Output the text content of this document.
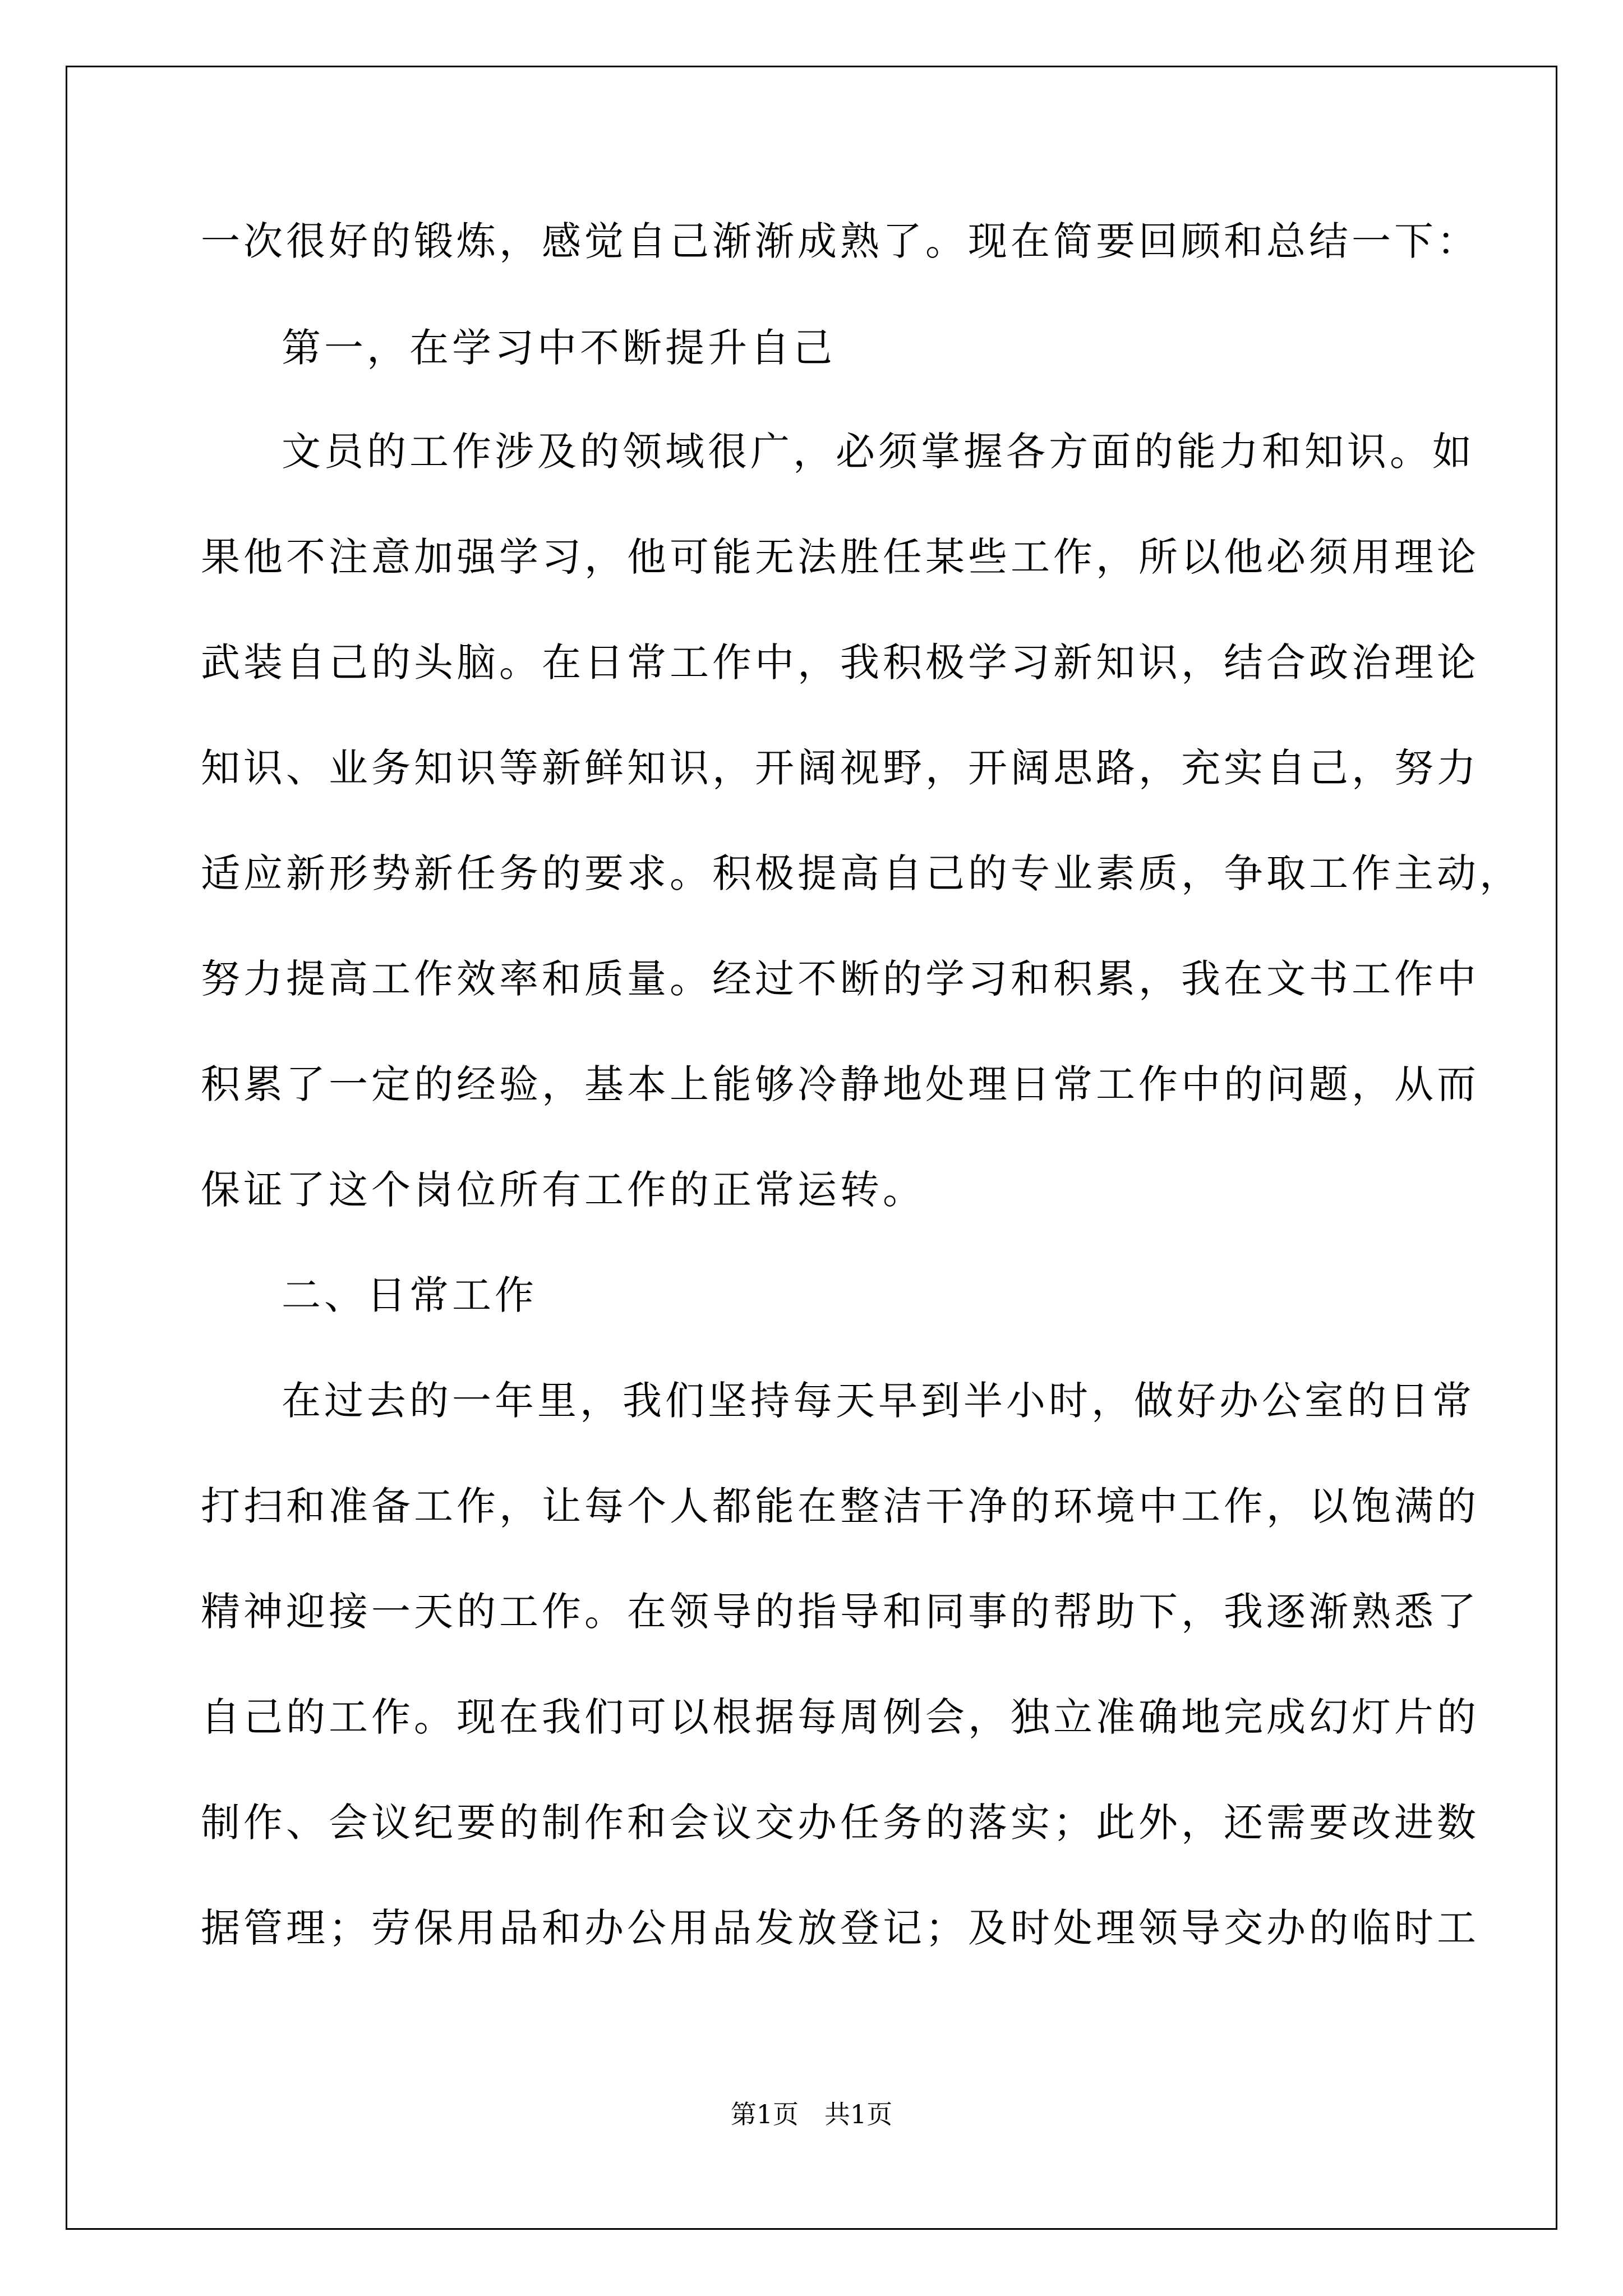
一次很好的锻炼，感觉自己渐渐成熟了。现在简要回顾和总结一下：

第一，在学习中不断提升自己

文员的工作涉及的领域很广，必须掌握各方面的能力和知识。如

果他不注意加强学习，他可能无法胜任某些工作，所以他必须用理论

武装自己的头脑。在日常工作中，我积极学习新知识，结合政治理论

知识、业务知识等新鲜知识，开阔视野，开阔思路，充实自己，努力

适应新形势新任务的要求。积极提高自己的专业素质，争取工作主动，

努力提高工作效率和质量。经过不断的学习和积累，我在文书工作中

积累了一定的经验，基本上能够冷静地处理日常工作中的问题，从而

保证了这个岗位所有工作的正常运转。

二、日常工作

在过去的一年里，我们坚持每天早到半小时，做好办公室的日常

打扫和准备工作，让每个人都能在整洁干净的环境中工作，以饱满的

精神迎接一天的工作。在领导的指导和同事的帮助下，我逐渐熟悉了

自己的工作。现在我们可以根据每周例会，独立准确地完成幻灯片的

制作、会议纪要的制作和会议交办任务的落实；此外，还需要改进数

据管理；劳保用品和办公用品发放登记；及时处理领导交办的临时工

第1页　共1页
